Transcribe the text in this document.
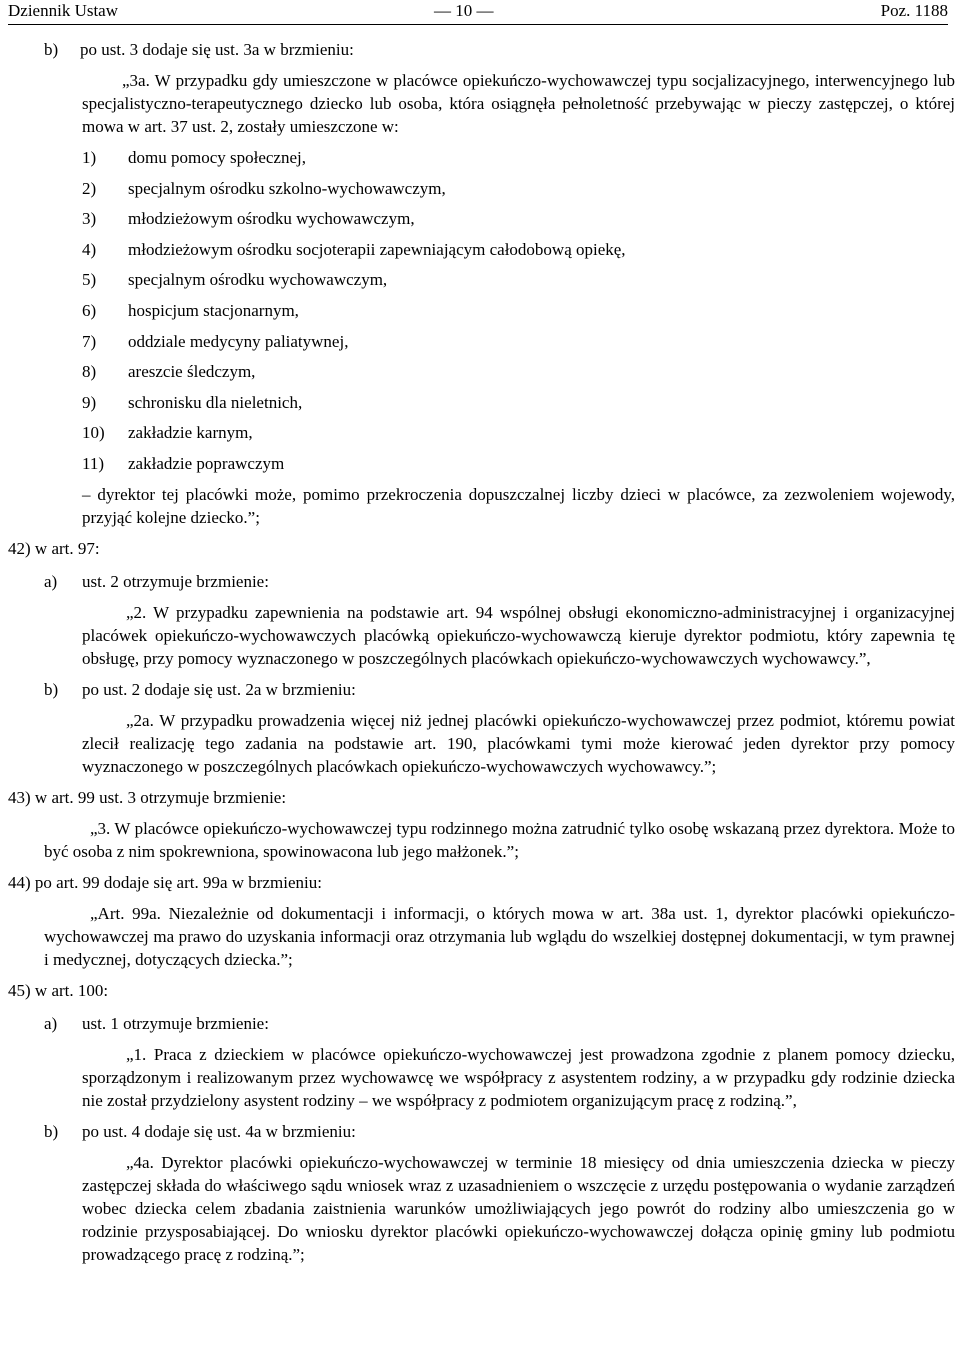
Dziennik Ustaw	— 10 —	Poz. 1188
b) po ust. 3 dodaje się ust. 3a w brzmieniu:
„3a. W przypadku gdy umieszczone w placówce opiekuńczo-wychowawczej typu socjalizacyjnego, interwencyjnego lub specjalistyczno-terapeutycznego dziecko lub osoba, która osiągnęła pełnoletność przebywając w pieczy zastępczej, o której mowa w art. 37 ust. 2, zostały umieszczone w:
1) domu pomocy społecznej,
2) specjalnym ośrodku szkolno-wychowawczym,
3) młodzieżowym ośrodku wychowawczym,
4) młodzieżowym ośrodku socjoterapii zapewniającym całodobową opiekę,
5) specjalnym ośrodku wychowawczym,
6) hospicjum stacjonarnym,
7) oddziale medycyny paliatywnej,
8) areszcie śledczym,
9) schronisku dla nieletnich,
10) zakładzie karnym,
11) zakładzie poprawczym
– dyrektor tej placówki może, pomimo przekroczenia dopuszczalnej liczby dzieci w placówce, za zezwoleniem wojewody, przyjąć kolejne dziecko.”;
42) w art. 97:
a) ust. 2 otrzymuje brzmienie:
„2. W przypadku zapewnienia na podstawie art. 94 wspólnej obsługi ekonomiczno-administracyjnej i organizacyjnej placówek opiekuńczo-wychowawczych placówką opiekuńczo-wychowawczą kieruje dyrektor podmiotu, który zapewnia tę obsługę, przy pomocy wyznaczonego w poszczególnych placówkach opiekuńczo-wychowawczych wychowawcy.”,
b) po ust. 2 dodaje się ust. 2a w brzmieniu:
„2a. W przypadku prowadzenia więcej niż jednej placówki opiekuńczo-wychowawczej przez podmiot, któremu powiat zlecił realizację tego zadania na podstawie art. 190, placówkami tymi może kierować jeden dyrektor przy pomocy wyznaczonego w poszczególnych placówkach opiekuńczo-wychowawczych wychowawcy.”;
43) w art. 99 ust. 3 otrzymuje brzmienie:
„3. W placówce opiekuńczo-wychowawczej typu rodzinnego można zatrudnić tylko osobę wskazaną przez dyrektora. Może to być osoba z nim spokrewniona, spowinowacona lub jego małżonek.”;
44) po art. 99 dodaje się art. 99a w brzmieniu:
„Art. 99a. Niezależnie od dokumentacji i informacji, o których mowa w art. 38a ust. 1, dyrektor placówki opiekuńczo-wychowawczej ma prawo do uzyskania informacji oraz otrzymania lub wglądu do wszelkiej dostępnej dokumentacji, w tym prawnej i medycznej, dotyczących dziecka.”;
45) w art. 100:
a) ust. 1 otrzymuje brzmienie:
„1. Praca z dzieckiem w placówce opiekuńczo-wychowawczej jest prowadzona zgodnie z planem pomocy dziecku, sporządzonym i realizowanym przez wychowawcę we współpracy z asystentem rodziny, a w przypadku gdy rodzinie dziecka nie został przydzielony asystent rodziny – we współpracy z podmiotem organizującym pracę z rodziną.”,
b) po ust. 4 dodaje się ust. 4a w brzmieniu:
„4a. Dyrektor placówki opiekuńczo-wychowawczej w terminie 18 miesięcy od dnia umieszczenia dziecka w pieczy zastępczej składa do właściwego sądu wniosek wraz z uzasadnieniem o wszczęcie z urzędu postępowania o wydanie zarządzeń wobec dziecka celem zbadania zaistnienia warunków umożliwiających jego powrót do rodziny albo umieszczenia go w rodzinie przysposabiającej. Do wniosku dyrektor placówki opiekuńczo-wychowawczej dołącza opinię gminy lub podmiotu prowadzącego pracę z rodziną.”;
